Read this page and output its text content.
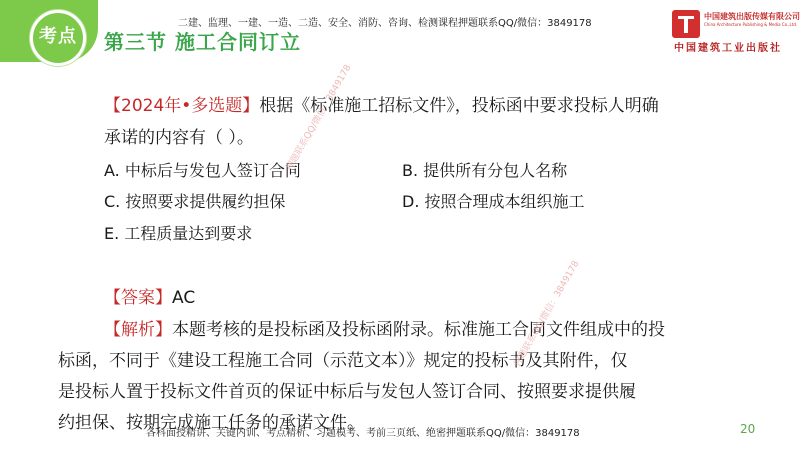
考点	第三节 施工合同订立
二建、监理、一建、一造、二造、安全、消防、咨询、检测课程押题联系QQ/微信：3849178
中国建筑出版传媒有限公司
China Architecture Publishing & Media Co.,Ltd.
中国建筑工业出版社
【2024年•多选题】根据《标准施工招标文件》，投标函中要求投标人明确
承诺的内容有（ ）。
A. 中标后与发包人签订合同	B. 提供所有分包人名称
C. 按照要求提供履约担保	D. 按照合理成本组织施工
E. 工程质量达到要求
【答案】AC
【解析】本题考核的是投标函及投标函附录。标准施工合同文件组成中的投
标函，不同于《建设工程施工合同（示范文本）》规定的投标书及其附件，仅
是投标人置于投标文件首页的保证中标后与发包人签订合同、按照要求提供履
约担保、按期完成施工任务的承诺文件。
押题联系QQ/微信：3849178
押题联系QQ/微信：3849178
各科面授精讲、关键内训、考点精析、习题模考、考前三页纸、绝密押题联系QQ/微信：3849178	20
